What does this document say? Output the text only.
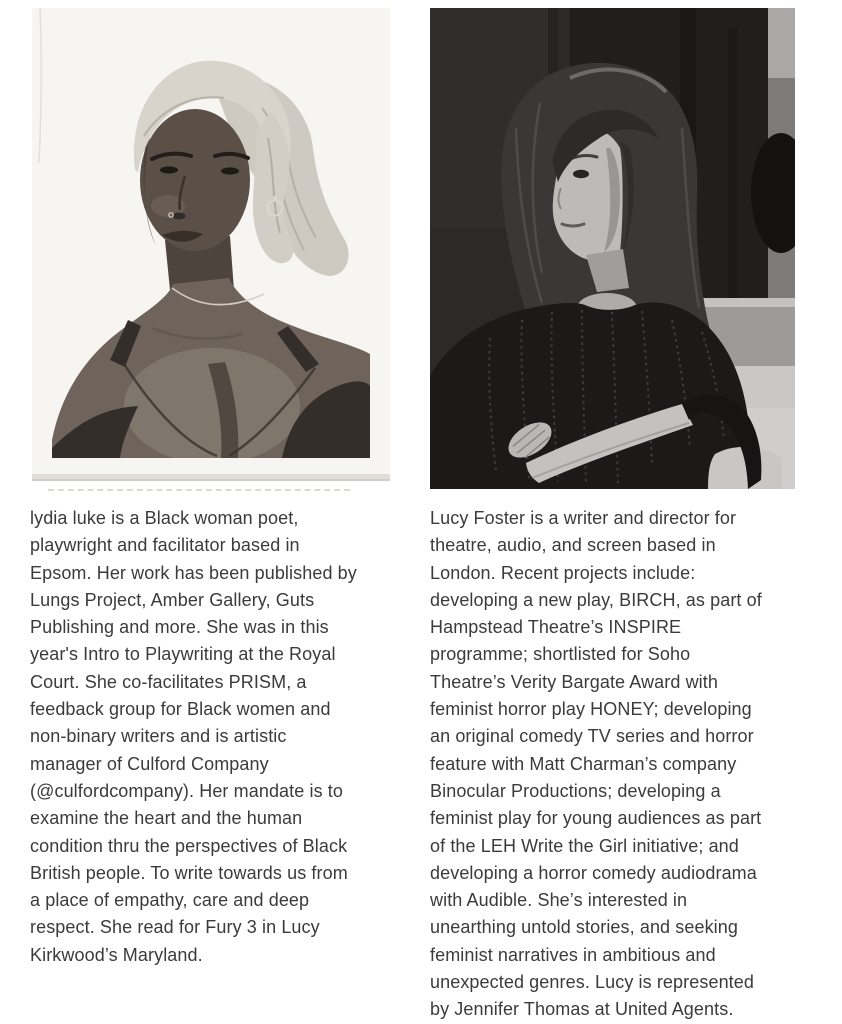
lydia luke is a Black woman poet,
playwright and facilitator based in
Epsom. Her work has been published by
Lungs Project, Amber Gallery, Guts
Publishing and more. She was in this
year's Intro to Playwriting at the Royal
Court. She co-facilitates PRISM, a
feedback group for Black women and
non-binary writers and is artistic
manager of Culford Company
(@culfordcompany). Her mandate is to
examine the heart and the human
condition thru the perspectives of Black
British people. To write towards us from
a place of empathy, care and deep
respect. She read for Fury 3 in Lucy
Kirkwood’s Maryland.
Lucy Foster is a writer and director for
theatre, audio, and screen based in
London. Recent projects include:
developing a new play, BIRCH, as part of
Hampstead Theatre’s INSPIRE
programme; shortlisted for Soho
Theatre’s Verity Bargate Award with
feminist horror play HONEY; developing
an original comedy TV series and horror
feature with Matt Charman’s company
Binocular Productions; developing a
feminist play for young audiences as part
of the LEH Write the Girl initiative; and
developing a horror comedy audiodrama
with Audible. She’s interested in
unearthing untold stories, and seeking
feminist narratives in ambitious and
unexpected genres. Lucy is represented
by Jennifer Thomas at United Agents.
